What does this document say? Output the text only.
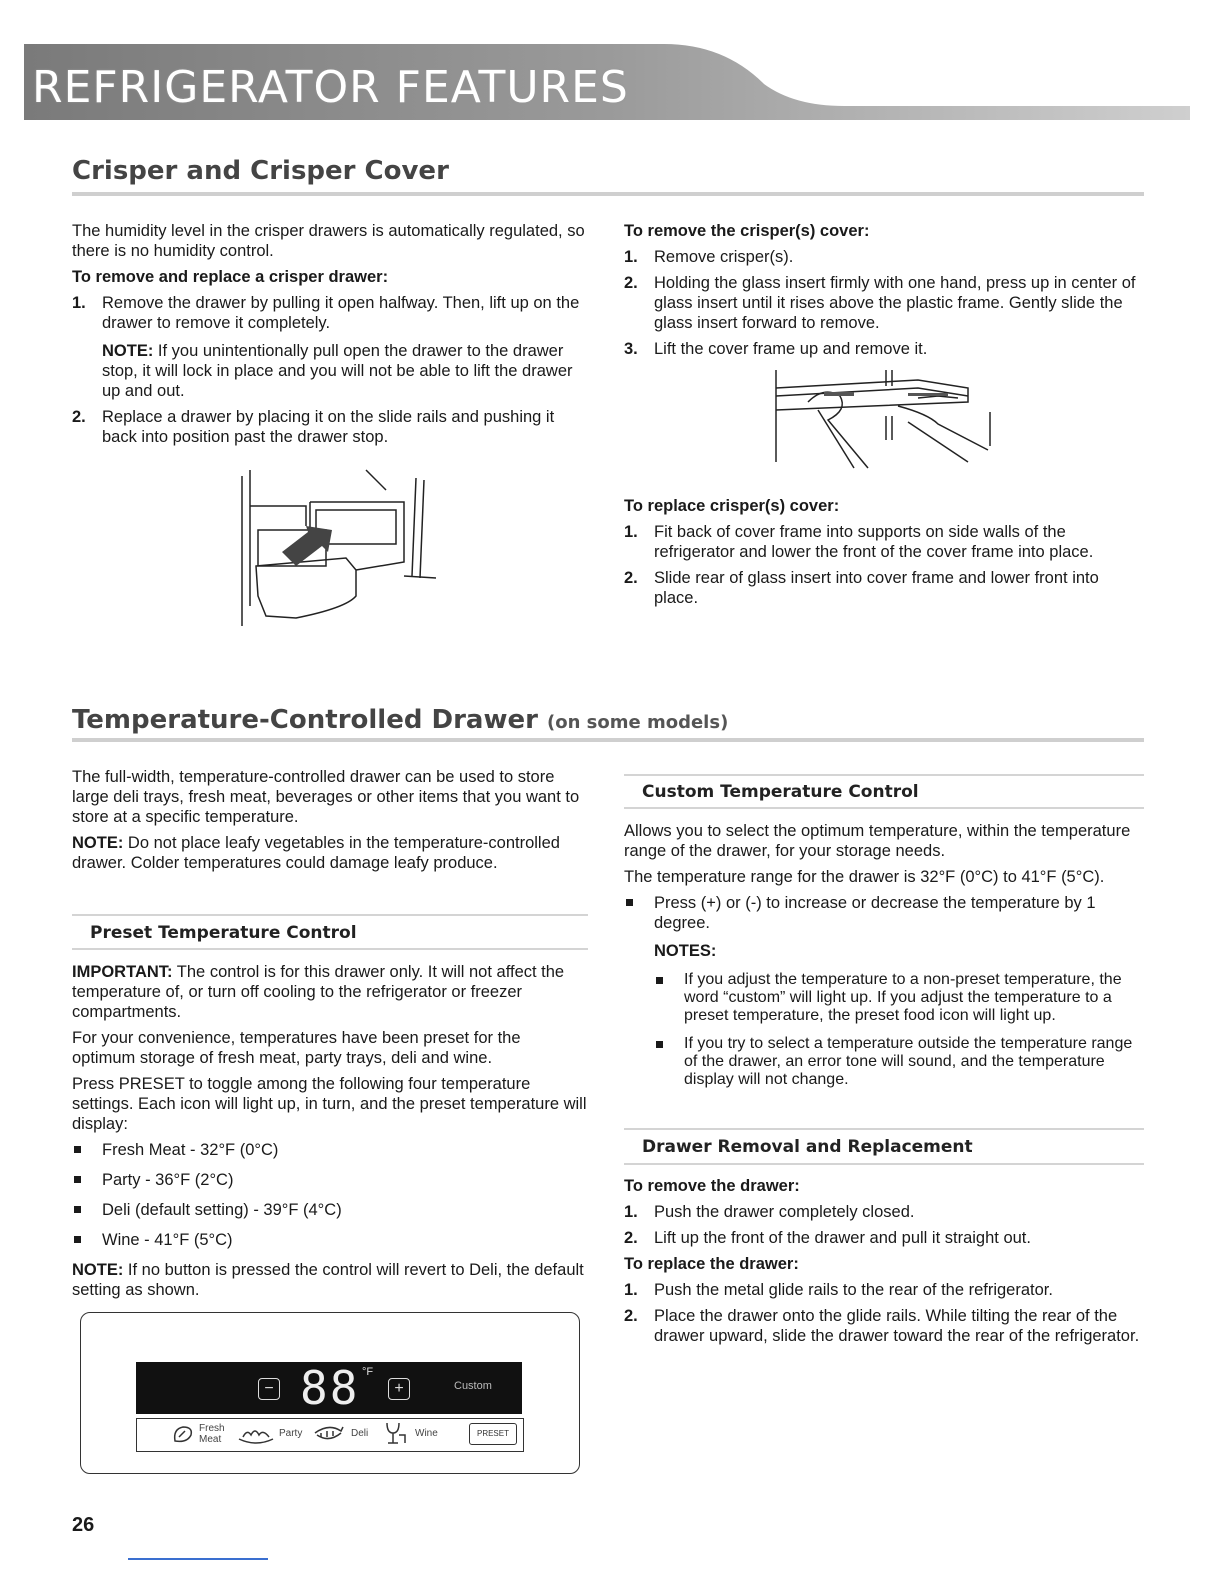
REFRIGERATOR FEATURES
Crisper and Crisper Cover

The humidity level in the crisper drawers is automatically regulated, so there is no humidity control.

To remove and replace a crisper drawer:
1. Remove the drawer by pulling it open halfway. Then, lift up on the drawer to remove it completely.

NOTE: If you unintentionally pull open the drawer to the drawer stop, it will lock in place and you will not be able to lift the drawer up and out.

2. Replace a drawer by placing it on the slide rails and pushing it back into position past the drawer stop.
To remove the crisper(s) cover:
1. Remove crisper(s).
2. Holding the glass insert firmly with one hand, press up in center of glass insert until it rises above the plastic frame. Gently slide the glass insert forward to remove.
3. Lift the cover frame up and remove it.
To replace crisper(s) cover:
1. Fit back of cover frame into supports on side walls of the refrigerator and lower the front of the cover frame into place.
2. Slide rear of glass insert into cover frame and lower front into place.
Temperature-Controlled Drawer (on some models)

The full-width, temperature-controlled drawer can be used to store large deli trays, fresh meat, beverages or other items that you want to store at a specific temperature.

NOTE: Do not place leafy vegetables in the temperature-controlled drawer. Colder temperatures could damage leafy produce.

Preset Temperature Control

IMPORTANT: The control is for this drawer only. It will not affect the temperature of, or turn off cooling to the refrigerator or freezer compartments.

For your convenience, temperatures have been preset for the optimum storage of fresh meat, party trays, deli and wine.

Press PRESET to toggle among the following four temperature settings. Each icon will light up, in turn, and the preset temperature will display:

Fresh Meat - 32°F (0°C)
Party - 36°F (2°C)
Deli (default setting) - 39°F (4°C)
Wine - 41°F (5°C)

NOTE: If no button is pressed the control will revert to Deli, the default setting as shown.

− 88 °F
+	Custom
Fresh
Meat
Party	Deli	Wine	PRESET
Custom Temperature Control

Allows you to select the optimum temperature, within the temperature range of the drawer, for your storage needs.

The temperature range for the drawer is 32°F (0°C) to 41°F (5°C).

Press (+) or (-) to increase or decrease the temperature by 1 degree.
NOTES:
If you adjust the temperature to a non-preset temperature, the word “custom” will light up. If you adjust the temperature to a preset temperature, the preset food icon will light up.
If you try to select a temperature outside the temperature range of the drawer, an error tone will sound, and the temperature display will not change.
Drawer Removal and Replacement
To remove the drawer:
1. Push the drawer completely closed.
2. Lift up the front of the drawer and pull it straight out.
To replace the drawer:
1. Push the metal glide rails to the rear of the refrigerator.
2. Place the drawer onto the glide rails. While tilting the rear of the drawer upward, slide the drawer toward the rear of the refrigerator.
26
